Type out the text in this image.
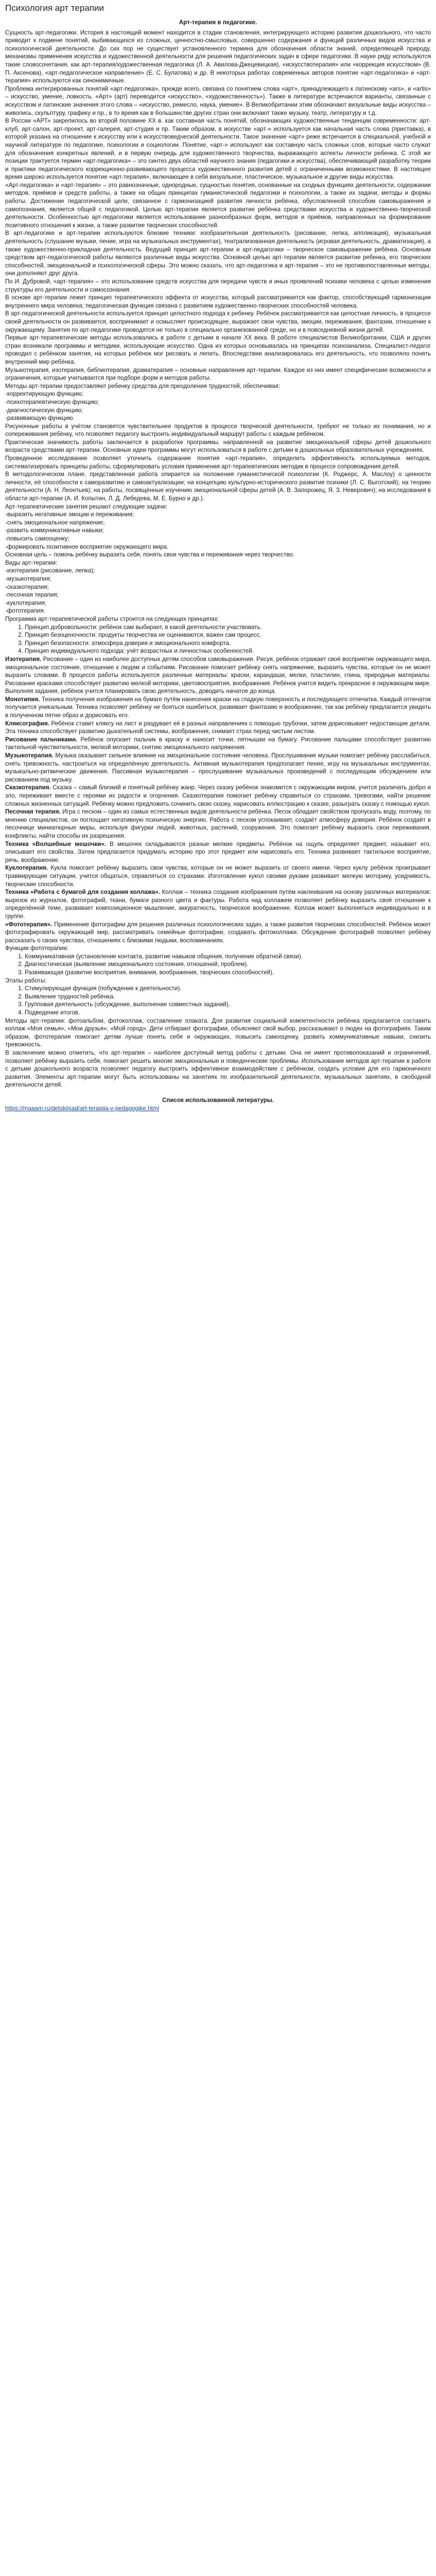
Психология арт терапии

Арт-терапия в педагогике.

Сущность арт-педагогики. История в настоящий момент находится в стадии становления, интегрирующего историю развития дошкольного, что часто приводит к подмене понятий, выбивающихся из сложных, ценностно-смысловых, совершенно содержания и функций различных видов искусства и психологической деятельности. До сих пор не существует установленного термина для обозначения области знаний, определяющей природу, механизмы применения искусства и художественной деятельности для решения педагогических задач в сфере педагогики. В науке ряду используются такие словосочетания, как арт-терапия/художественная педагогика (Л. А. Авилова-Джецевицкая), «искусствотерапия» или «коррекция искусством» (В. П. Аксенова), «арт-педагогическое направление» (Е. С. Булатова) и др. В некоторых работах современных авторов понятие «арт-педагогика» и «арт-терапия» используются как синонимичные.

Проблема интегрированных понятий «арт-педагогика», прежде всего, связана со понятием слова «арт», принадлежащего к латинскому «ars», и «artis» – искусство, умение, ловкость. «Арт» (арт) переводится «искусство», «художественность»). Также в литературе встречаются варианты, связанные с искусством и латинские значения этого слова – «искусство, ремесло, наука, умение». В Великобритании этим обозначают визуальные виды искусства – живопись, скульптуру, графику и пр., в то время как в большинстве других стран они включают также музыку, театр, литературу и т.д.

В России «АРТ» закрепилось во второй половине XX в. как составная часть понятий, обозначающих художественные тенденции современности: арт-клуб, арт-салон, арт-проект, арт-галерея, арт-студия и пр. Таким образом, в искусстве «арт-» используется как начальная часть слова (приставка), в которой указана на отношение к искусству или к искусствоведческой деятельности. Такое значение «арт» реже встречается в специальной, учебной и научной литературе по педагогике, психологии и социологии. Понятие, «арт-» используют как составную часть сложных слов, которые часто служат для обозначения конкретных явлений, и в первую очередь для художественного творчества, выражающего аспекты личности ребенка. С этой же позиции трактуется термин «арт-педагогика» – это синтез двух областей научного знания (педагогики и искусства), обеспечивающий разработку теории и практики педагогического коррекционно-развивающего процесса художественного развития детей с ограниченными возможностями. В настоящее время широко используется понятие «арт-терапия», включающее в себя визуальное, пластическое, музыкальное и другие виды искусства.

«Арт-педагогика» и «арт-терапия» – это равнозначные, однородные, сущностью понятия, основанные на сходных функциях деятельности, содержании методов, приёмов и средств работы, а также на общих принципах гуманистической педагогики и психологии, а также их задачи, методы и формы работы. Достижение педагогической цели, связанное с гармонизацией развития личности ребёнка, обусловленной способом самовыражения и самопознания, является общей с педагогикой. Целью арт-терапии является развитие ребёнка средствами искусства и художественно-творческой деятельности. Особенностью арт-педагогики является использование разнообразных форм, методов и приёмов, направленных на формирование позитивного отношения к жизни, а также развитие творческих способностей.

В арт-педагогике и арт-терапии используются близкие техники: изобразительная деятельность (рисование, лепка, аппликация), музыкальная деятельность (слушание музыки, пение, игра на музыкальных инструментах), театрализованная деятельность (игровая деятельность, драматизация), а также художественно-прикладная деятельность. Ведущий принцип арт-терапии и арт-педагогики – творческое самовыражение ребёнка. Основным средством арт-педагогической работы являются различные виды искусства. Основной целью арт-терапии является развитие ребенка, его творческих способностей, эмоциональной и психологической сферы. Это можно сказать, что арт-педагогика и арт-терапия – это не противопоставленные методы, они дополняют друг друга.

По И. Дубровой, «арт-терапия» – это использование средств искусства для передачи чувств и иных проявлений психики человека с целью изменения структуры его деятельности и самосознания.

В основе арт-терапии лежит принцип терапевтического эффекта от искусства, который рассматривается как фактор, способствующий гармонизации внутреннего мира человека; педагогическая функция связана с развитием художественно-творческих способностей человека.

В арт-педагогической деятельности используется принцип целостного подхода к ребенку. Ребёнок рассматривается как целостная личность, в процессе своей деятельности он развивается, воспринимает и осмысляет происходящее, выражает свои чувства, эмоции, переживания, фантазии, отношение к окружающему. Занятия по арт-педагогике проводятся не только в специально организованной среде, но и в повседневной жизни детей.

Первые арт-терапевтические методы использовались в работе с детьми в начале XX века. В работе специалистов Великобритании, США и других стран возникали программы и методики, использующие искусство. Одна из которых основывалась на принципах психоанализа. Специалист-педагог проводил с ребёнком занятия, на которых ребёнок мог рисовать и лепить. Впоследствии анализировалась его деятельность, что позволяло понять внутренний мир ребёнка.

Музыкотерапия, изотерапия, библиотерапия, драматерапия – основные направления арт-терапии. Каждое из них имеет специфические возможности и ограничения, которые учитываются при подборе форм и методов работы.

Методы арт-терапии предоставляют ребенку средства для преодоления трудностей, обеспечивая:

-корректирующую функцию;

-психотерапевтическую функцию;

-диагностическую функцию;

-развивающую функцию.

Рисуночные работы в учётом становятся чувствительнее продуктов в процессе творческой деятельности, требуют не только их понимания, но и сопереживания ребёнку, что позволяет педагогу выстроить индивидуальный маршрут работы с каждым ребёнком.

Практическая значимость работы заключается в разработке программы, направленной на развитие эмоциональной сферы детей дошкольного возраста средствами арт-терапии. Основные идеи программы могут использоваться в работе с детьми в дошкольных образовательных учреждениях.

Проведенное исследование позволяет уточнить содержание понятия «арт-терапия», определить эффективность используемых методов, систематизировать принципы работы, сформулировать условия применения арт-терапевтических методик в процессе сопровождения детей.

В методологическом плане, представленная работа опирается на положения гуманистической психологии (К. Роджерс, А. Маслоу) о ценности личности, её способности к саморазвитию и самоактуализации; на концепцию культурно-исторического развития психики (Л. С. Выготский); на теорию деятельности (А. Н. Леонтьев); на работы, посвящённые изучению эмоциональной сферы детей (А. В. Запорожец, Я. З. Неверович); на исследования в области арт-терапии (А. И. Копытин, Л. Д. Лебедева, М. Е. Бурно и др.).

Арт-терапевтические занятия решают следующие задачи:

-выразить негативные эмоции и переживания;

-снять эмоциональное напряжение;

-развить коммуникативные навыки;

-повысить самооценку;

-формировать позитивное восприятие окружающего мира.

Основная цель – помочь ребёнку выразить себя, понять свои чувства и переживания через творчество.

Виды арт-терапии:

-изотерапия (рисование, лепка);

-музыкотерапия;

-сказкотерапия;

-песочная терапия;

-куклотерапия;

-фототерапия.

Программа арт-терапевтической работы строится на следующих принципах:

1. Принцип добровольности: ребёнок сам выбирает, в какой деятельности участвовать.
2. Принцип безоценочности: продукты творчества не оцениваются, важен сам процесс.
3. Принцип безопасности: атмосфера доверия и эмоционального комфорта.
4. Принцип индивидуального подхода: учёт возрастных и личностных особенностей.

Изотерапия. Рисование – один из наиболее доступных детям способов самовыражения. Рисуя, ребёнок отражает своё восприятие окружающего мира, эмоциональное состояние, отношение к людям и событиям. Рисование помогает ребёнку снять напряжение, выразить чувства, которые он не может выразить словами. В процессе работы используются различные материалы: краски, карандаши, мелки, пластилин, глина, природные материалы. Рисование красками способствует развитию мелкой моторики, цветовосприятия, воображения. Ребёнок учится видеть прекрасное в окружающем мире. Выполняя задания, ребёнок учится планировать свою деятельность, доводить начатое до конца.

Монотипия. Техника получения изображения на бумаге путём нанесения краски на гладкую поверхность и последующего отпечатка. Каждый отпечаток получается уникальным. Техника позволяет ребёнку не бояться ошибиться, развивает фантазию и воображение, так как ребёнку предлагается увидеть в полученном пятне образ и дорисовать его.

Кляксография. Ребёнок ставит кляксу на лист и раздувает её в разных направлениях с помощью трубочки, затем дорисовывает недостающие детали. Эта техника способствует развитию дыхательной системы, воображения, снимает страх перед чистым листом.

Рисование пальчиками. Ребёнок опускает пальчик в краску и наносит точки, пятнышки на бумагу. Рисование пальцами способствует развитию тактильной чувствительности, мелкой моторики, снятию эмоционального напряжения.

Музыкотерапия. Музыка оказывает сильное влияние на эмоциональное состояние человека. Прослушивание музыки помогает ребёнку расслабиться, снять тревожность, настроиться на определённую деятельность. Активная музыкотерапия предполагает пение, игру на музыкальных инструментах, музыкально-ритмические движения. Пассивная музыкотерапия – прослушивание музыкальных произведений с последующим обсуждением или рисованием под музыку.

Сказкотерапия. Сказка – самый близкий и понятный ребёнку жанр. Через сказку ребёнок знакомится с окружающим миром, учится различать добро и зло, переживает вместе с героями их радости и огорчения. Сказкотерапия помогает ребёнку справиться со страхами, тревогами, найти решение сложных жизненных ситуаций. Ребёнку можно предложить сочинить свою сказку, нарисовать иллюстрацию к сказке, разыграть сказку с помощью кукол.

Песочная терапия. Игра с песком – один из самых естественных видов деятельности ребёнка. Песок обладает свойством пропускать воду, поэтому, по мнению специалистов, он поглощает негативную психическую энергию. Работа с песком успокаивает, создаёт атмосферу доверия. Ребёнок создаёт в песочнице миниатюрные миры, используя фигурки людей, животных, растений, сооружения. Это помогает ребёнку выразить свои переживания, конфликты, найти способы их разрешения.

Техника «Волшебные мешочки». В мешочек складываются разные мелкие предметы. Ребёнок на ощупь определяет предмет, называет его, описывает его свойства. Затем предлагается придумать историю про этот предмет или нарисовать его. Техника развивает тактильное восприятие, речь, воображение.

Куклотерапия. Кукла помогает ребёнку выразить свои чувства, которые он не может выразить от своего имени. Через куклу ребёнок проигрывает травмирующие ситуации, учится общаться, справляться со страхами. Изготовление кукол своими руками развивает мелкую моторику, усидчивость, творческие способности.

Техника «Работа с бумагой для создания коллажа». Коллаж – техника создания изображения путём наклеивания на основу различных материалов: вырезок из журналов, фотографий, ткани, бумаги разного цвета и фактуры. Работа над коллажем позволяет ребёнку выразить своё отношение к определённой теме, развивает композиционное мышление, аккуратность, творческое воображение. Коллаж может выполняться индивидуально и в группе.

«Фототерапия». Применение фотографии для решения различных психологических задач, а также развития творческих способностей. Ребёнок может фотографировать окружающий мир, рассматривать семейные фотографии, создавать фотоколлажи. Обсуждение фотографий позволяет ребёнку рассказать о своих чувствах, отношениях с близкими людьми, воспоминаниях.

Функции фототерапии:

1. Коммуникативная (установление контакта, развитие навыков общения, получение обратной связи).
2. Диагностическая (выявление эмоционального состояния, отношений, проблем).
3. Развивающая (развитие восприятия, внимания, воображения, творческих способностей).

Этапы работы:

1. Стимулирующая функция (побуждение к деятельности).
2. Выявление трудностей ребёнка.
3. Групповая деятельность (обсуждение, выполнение совместных заданий).
4. Подведение итогов.

Методы арт-терапии: фотоальбом, фотоколлаж, составление плаката. Для развития социальной компетентности ребёнка предлагается составить коллаж «Моя семья», «Мои друзья», «Мой город». Дети отбирают фотографии, объясняют свой выбор, рассказывают о людях на фотографиях. Таким образом, фототерапия помогает детям лучше понять себя и окружающих, повысить самооценку, развить коммуникативные навыки, снизить тревожность.

В заключение можно отметить, что арт-терапия – наиболее доступный метод работы с детьми. Она не имеет противопоказаний и ограничений, позволяет ребёнку выразить себя, помогает решить многие эмоциональные и поведенческие проблемы. Использование методов арт-терапии в работе с детьми дошкольного возраста позволяет педагогу выстроить эффективное взаимодействие с ребёнком, создать условия для его гармоничного развития. Элементы арт-терапии могут быть использованы на занятиях по изобразительной деятельности, музыкальных занятиях, в свободной деятельности детей.

Список использованной литературы.

https://maaam.ru/detskijsad/art-terapija-v-pedagogike.html
